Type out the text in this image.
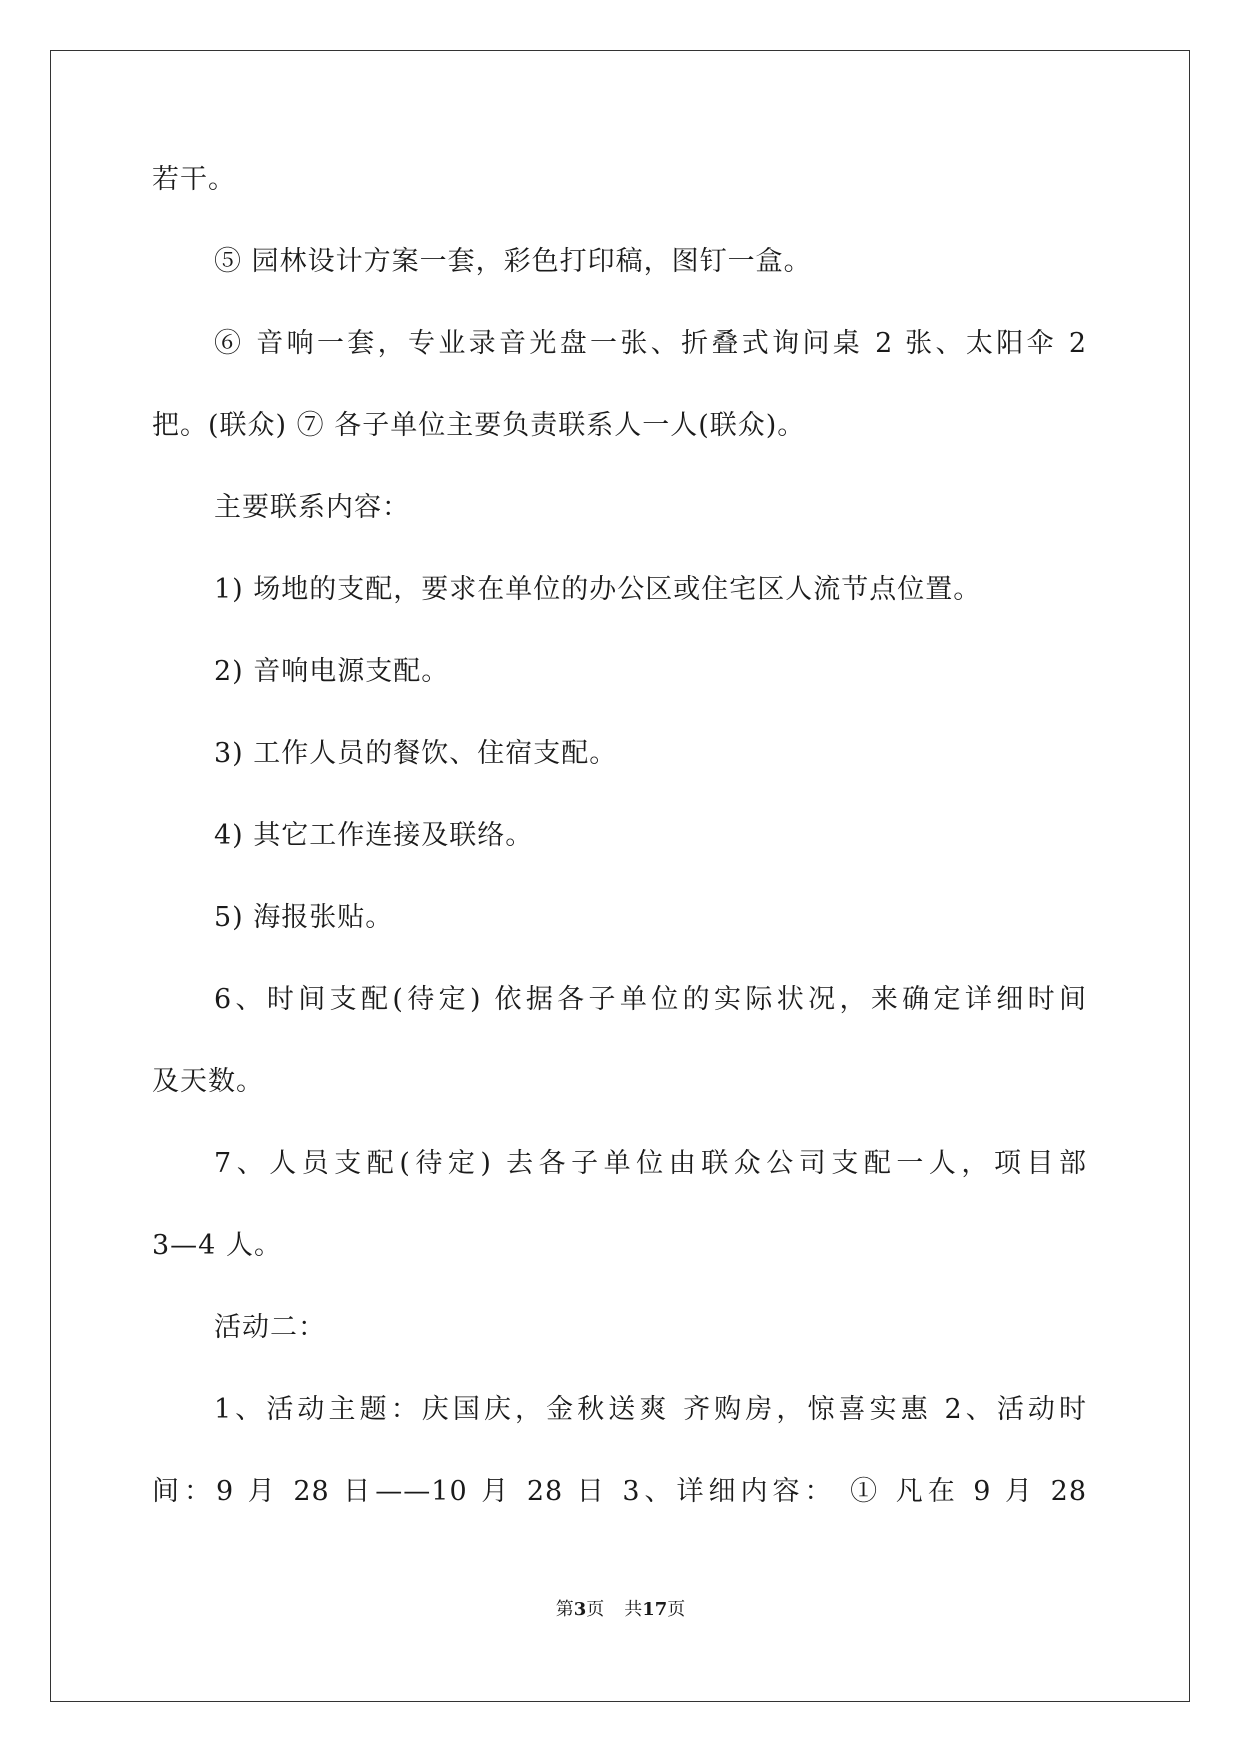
若干。
⑤ 园林设计方案一套，彩色打印稿，图钉一盒。
⑥ 音响一套，专业录音光盘一张、折叠式询问桌 2 张、太阳伞 2
把。(联众) ⑦ 各子单位主要负责联系人一人(联众)。
主要联系内容：
1) 场地的支配，要求在单位的办公区或住宅区人流节点位置。
2) 音响电源支配。
3) 工作人员的餐饮、住宿支配。
4) 其它工作连接及联络。
5) 海报张贴。
6、时间支配(待定) 依据各子单位的实际状况，来确定详细时间
及天数。
7、人员支配(待定) 去各子单位由联众公司支配一人，项目部
3—4 人。
活动二：
1、活动主题：庆国庆，金秋送爽 齐购房，惊喜实惠 2、活动时
间：9 月 28 日——10 月 28 日 3、详细内容： ① 凡在 9 月 28
第3页 共17页
